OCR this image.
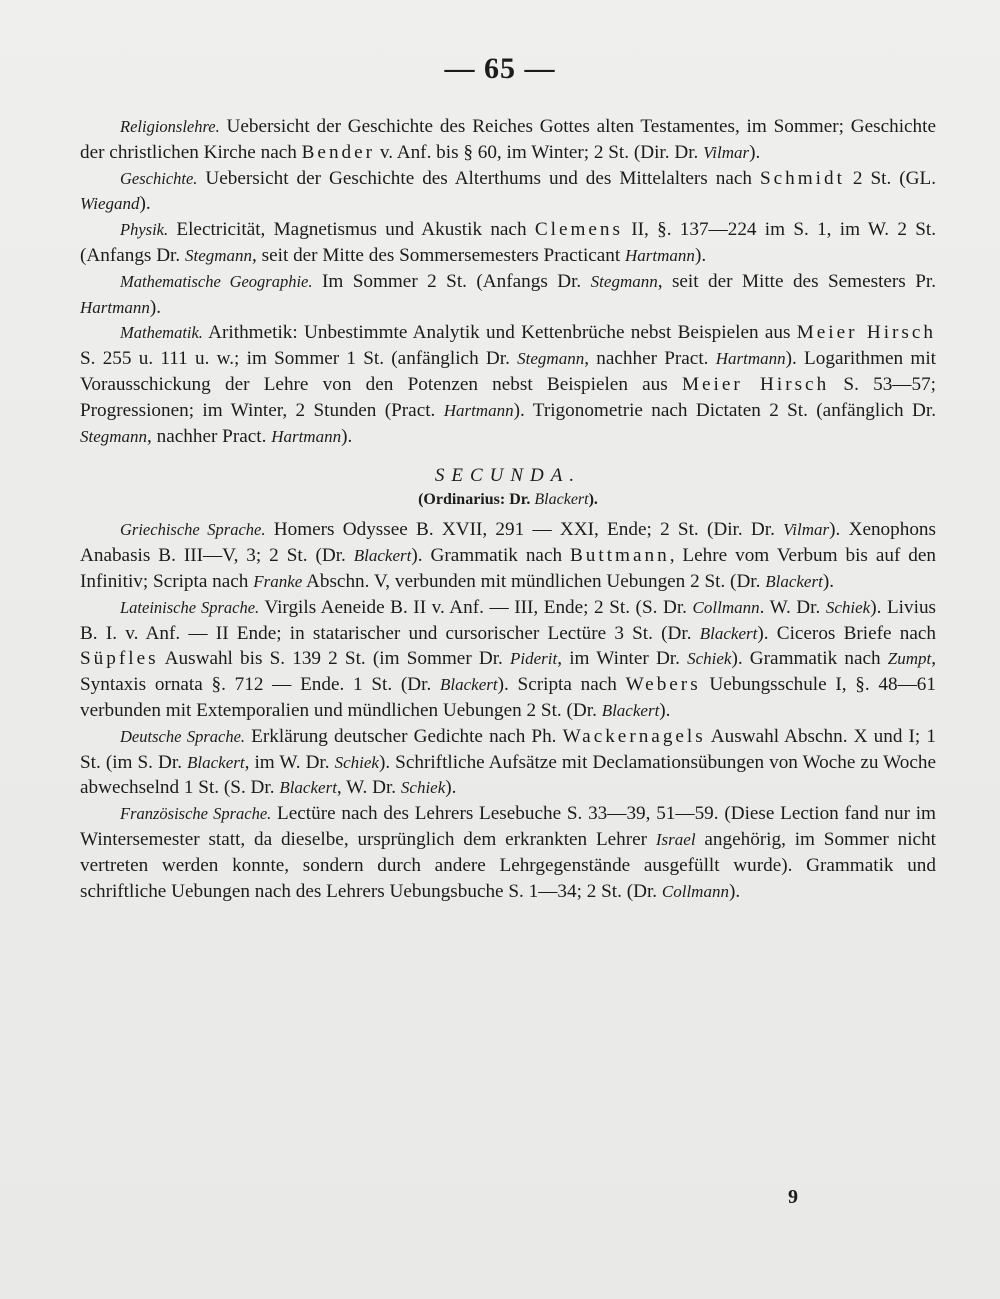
— 65 —

Religionslehre. Uebersicht der Geschichte des Reiches Gottes alten Testamentes, im Sommer; Geschichte der christlichen Kirche nach Bender v. Anf. bis § 60, im Winter; 2 St. (Dir. Dr. Vilmar).

Geschichte. Uebersicht der Geschichte des Alterthums und des Mittelalters nach Schmidt 2 St. (GL. Wiegand).

Physik. Electricität, Magnetismus und Akustik nach Clemens II, §. 137—224 im S. 1, im W. 2 St. (Anfangs Dr. Stegmann, seit der Mitte des Sommersemesters Practicant Hartmann).

Mathematische Geographie. Im Sommer 2 St. (Anfangs Dr. Stegmann, seit der Mitte des Semesters Pr. Hartmann).

Mathematik. Arithmetik: Unbestimmte Analytik und Kettenbrüche nebst Beispielen aus Meier Hirsch S. 255 u. 111 u. w.; im Sommer 1 St. (anfänglich Dr. Stegmann, nachher Pract. Hartmann). Logarithmen mit Vorausschickung der Lehre von den Potenzen nebst Beispielen aus Meier Hirsch S. 53—57; Progressionen; im Winter, 2 Stunden (Pract. Hartmann). Trigonometrie nach Dictaten 2 St. (anfänglich Dr. Stegmann, nachher Pract. Hartmann).

SECUNDA.
(Ordinarius: Dr. Blackert).

Griechische Sprache. Homers Odyssee B. XVII, 291 — XXI, Ende; 2 St. (Dir. Dr. Vilmar). Xenophons Anabasis B. III—V, 3; 2 St. (Dr. Blackert). Grammatik nach Buttmann, Lehre vom Verbum bis auf den Infinitiv; Scripta nach Franke Abschn. V, verbunden mit mündlichen Uebungen 2 St. (Dr. Blackert).

Lateinische Sprache. Virgils Aeneide B. II v. Anf. — III, Ende; 2 St. (S. Dr. Collmann. W. Dr. Schiek). Livius B. I. v. Anf. — II Ende; in statarischer und cursorischer Lectüre 3 St. (Dr. Blackert). Ciceros Briefe nach Süpfles Auswahl bis S. 139 2 St. (im Sommer Dr. Piderit, im Winter Dr. Schiek). Grammatik nach Zumpt, Syntaxis ornata §. 712 — Ende. 1 St. (Dr. Blackert). Scripta nach Webers Uebungsschule I, §. 48—61 verbunden mit Extemporalien und mündlichen Uebungen 2 St. (Dr. Blackert).

Deutsche Sprache. Erklärung deutscher Gedichte nach Ph. Wackernagels Auswahl Abschn. X und I; 1 St. (im S. Dr. Blackert, im W. Dr. Schiek). Schriftliche Aufsätze mit Declamationsübungen von Woche zu Woche abwechselnd 1 St. (S. Dr. Blackert, W. Dr. Schiek).

Französische Sprache. Lectüre nach des Lehrers Lesebuche S. 33—39, 51—59. (Diese Lection fand nur im Wintersemester statt, da dieselbe, ursprünglich dem erkrankten Lehrer Israel angehörig, im Sommer nicht vertreten werden konnte, sondern durch andere Lehrgegenstände ausgefüllt wurde). Grammatik und schriftliche Uebungen nach des Lehrers Uebungsbuche S. 1—34; 2 St. (Dr. Collmann).

9
